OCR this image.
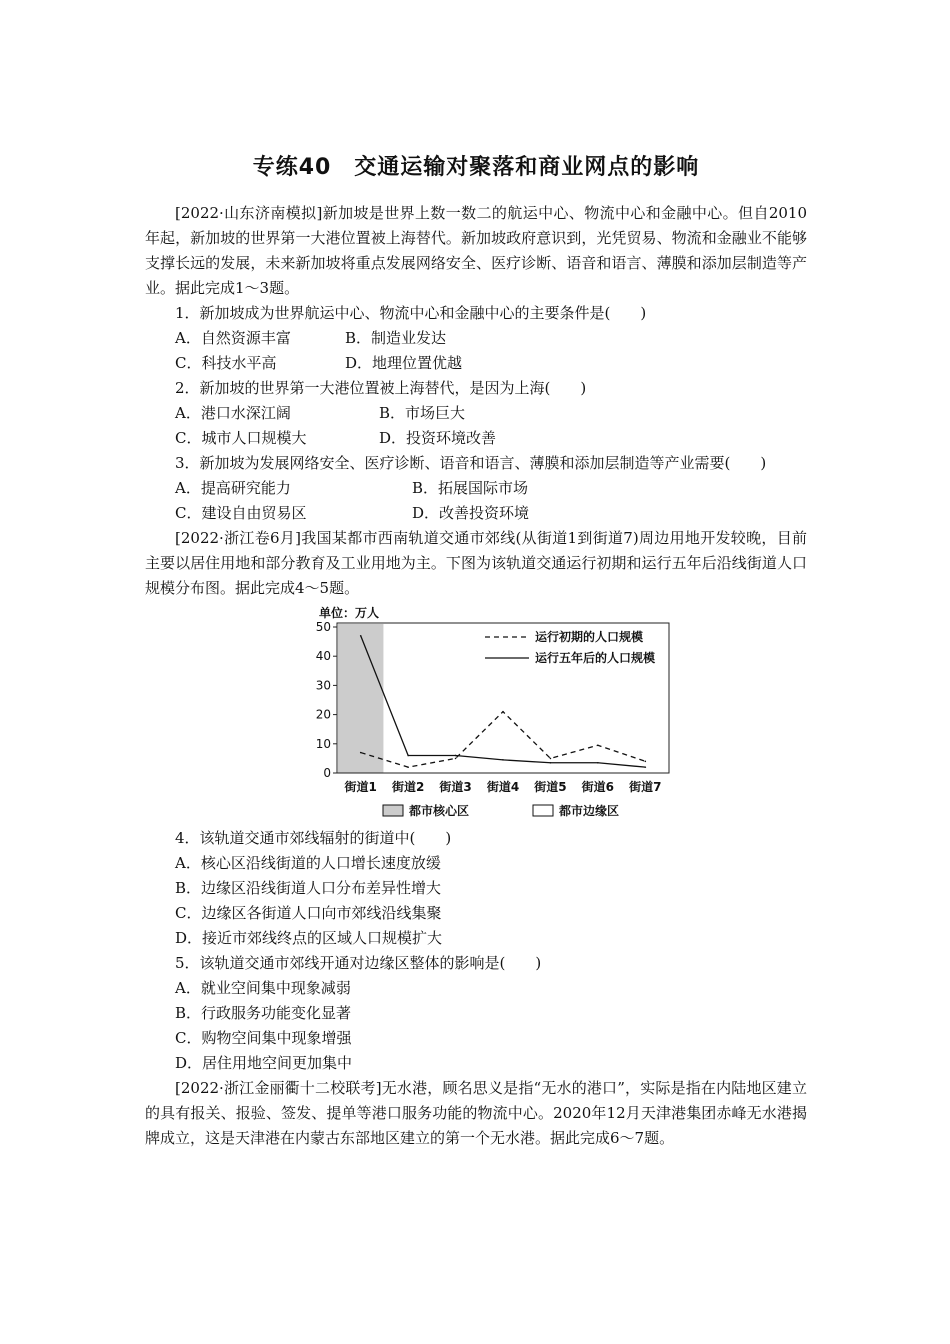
专练40　交通运输对聚落和商业网点的影响

[2022·山东济南模拟]新加坡是世界上数一数二的航运中心、物流中心和金融中心。但自2010年起，新加坡的世界第一大港位置被上海替代。新加坡政府意识到，光凭贸易、物流和金融业不能够支撑长远的发展，未来新加坡将重点发展网络安全、医疗诊断、语音和语言、薄膜和添加层制造等产业。据此完成1～3题。

1．新加坡成为世界航运中心、物流中心和金融中心的主要条件是(　　)

A．自然资源丰富	B．制造业发达

C．科技水平高	D．地理位置优越

2．新加坡的世界第一大港位置被上海替代，是因为上海(　　)

A．港口水深江阔	B．市场巨大

C．城市人口规模大	D．投资环境改善

3．新加坡为发展网络安全、医疗诊断、语音和语言、薄膜和添加层制造等产业需要(　　)

A．提高研究能力	B．拓展国际市场

C．建设自由贸易区	D．改善投资环境

[2022·浙江卷6月]我国某都市西南轨道交通市郊线(从街道1到街道7)周边用地开发较晚，目前主要以居住用地和部分教育及工业用地为主。下图为该轨道交通运行初期和运行五年后沿线街道人口规模分布图。据此完成4～5题。

0
10
20
30
40
50
单位：万人
街道1 街道2 街道3 街道4 街道5 街道6 街道7
运行初期的人口规模
运行五年后的人口规模
都市核心区	都市边缘区

4．该轨道交通市郊线辐射的街道中(　　)

A．核心区沿线街道的人口增长速度放缓

B．边缘区沿线街道人口分布差异性增大

C．边缘区各街道人口向市郊线沿线集聚

D．接近市郊线终点的区域人口规模扩大

5．该轨道交通市郊线开通对边缘区整体的影响是(　　)

A．就业空间集中现象减弱

B．行政服务功能变化显著

C．购物空间集中现象增强

D．居住用地空间更加集中

[2022·浙江金丽衢十二校联考]无水港，顾名思义是指“无水的港口”，实际是指在内陆地区建立的具有报关、报验、签发、提单等港口服务功能的物流中心。2020年12月天津港集团赤峰无水港揭牌成立，这是天津港在内蒙古东部地区建立的第一个无水港。据此完成6～7题。
